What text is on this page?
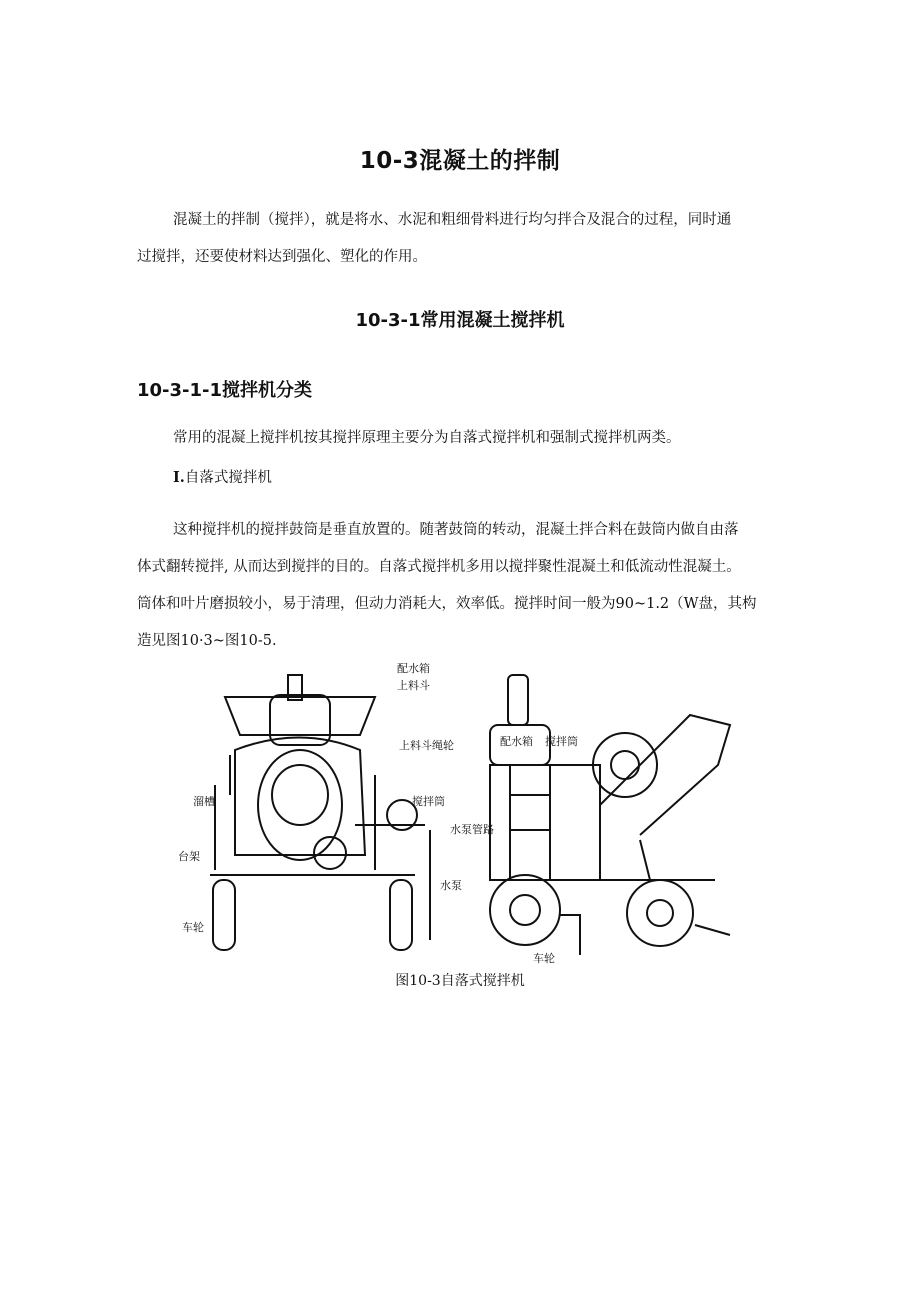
10-3混凝土的拌制

混凝土的拌制（搅拌），就是将水、水泥和粗细骨料进行均匀拌合及混合的过程，同时通

过搅拌，还要使材料达到强化、塑化的作用。
10-3-1常用混凝土搅拌机
10-3-1-1搅拌机分类
常用的混凝上搅拌机按其搅拌原理主要分为自落式搅拌机和强制式搅拌机两类。
I.自落式搅拌机

这种搅拌机的搅拌鼓筒是垂直放置的。随著鼓筒的转动，混凝土拌合料在鼓筒内做自由落

体式翻转搅拌, 从而达到搅拌的目的。自落式搅拌机多用以搅拌聚性混凝土和低流动性混凝土。
筒体和叶片磨损较小，易于清理，但动力消耗大，效率低。搅拌时间一般为90~1.2（W盘，其构
造见图10·3~图10-5.
配水箱
上料斗
上料斗绳轮
溜槽	搅拌筒
水泵管路
台架
水泵
车轮
配水箱 搅拌筒
车轮
图10-3自落式搅拌机
